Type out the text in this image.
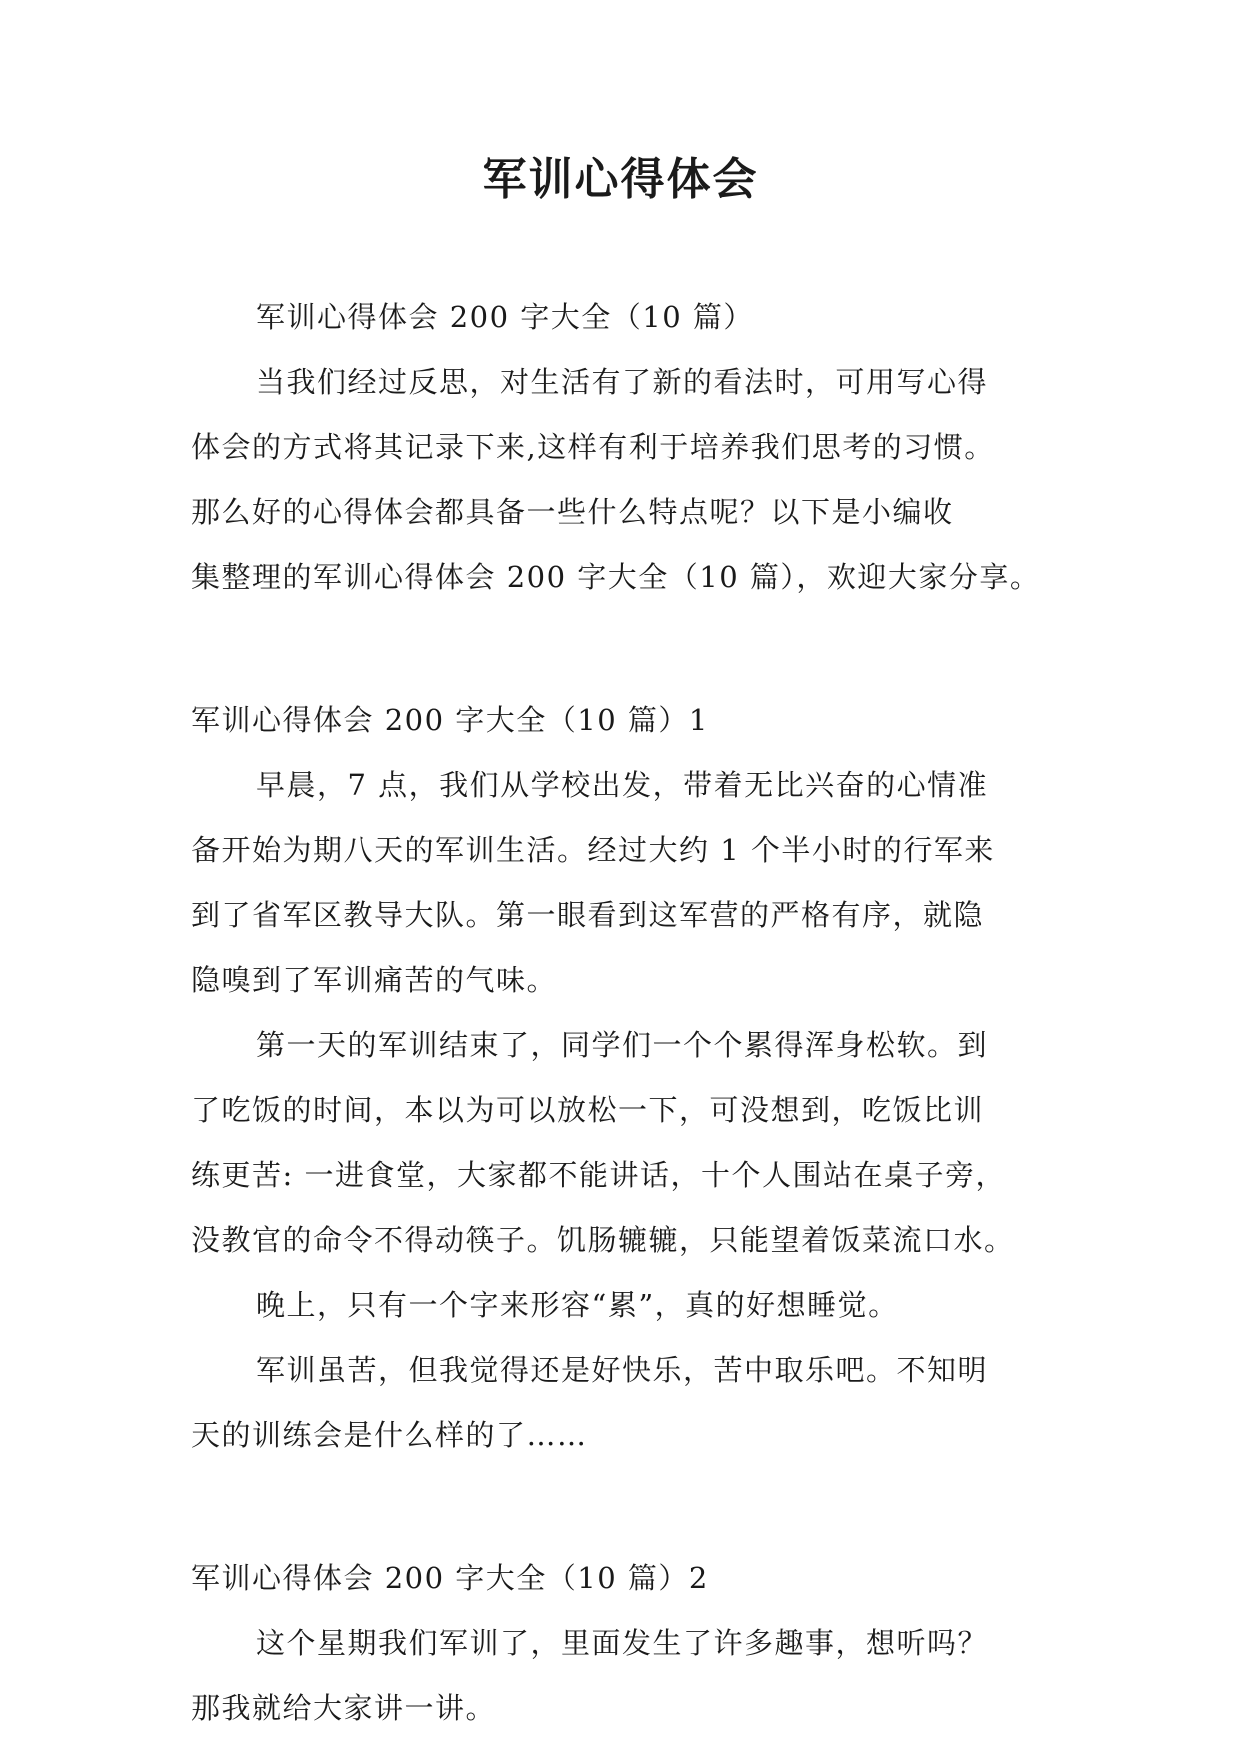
军训心得体会
军训心得体会 200 字大全（10 篇）
当我们经过反思，对生活有了新的看法时，可用写心得
体会的方式将其记录下来,这样有利于培养我们思考的习惯。
那么好的心得体会都具备一些什么特点呢？以下是小编收
集整理的军训心得体会 200 字大全（10 篇），欢迎大家分享。
军训心得体会 200 字大全（10 篇）1
早晨，7 点，我们从学校出发，带着无比兴奋的心情准
备开始为期八天的军训生活。经过大约 1 个半小时的行军来
到了省军区教导大队。第一眼看到这军营的严格有序，就隐
隐嗅到了军训痛苦的气味。
第一天的军训结束了，同学们一个个累得浑身松软。到
了吃饭的时间，本以为可以放松一下，可没想到，吃饭比训
练更苦: 一进食堂，大家都不能讲话，十个人围站在桌子旁，
没教官的命令不得动筷子。饥肠辘辘，只能望着饭菜流口水。
晚上，只有一个字来形容“累”，真的好想睡觉。
军训虽苦，但我觉得还是好快乐，苦中取乐吧。不知明
天的训练会是什么样的了……
军训心得体会 200 字大全（10 篇）2
这个星期我们军训了，里面发生了许多趣事，想听吗？
那我就给大家讲一讲。
